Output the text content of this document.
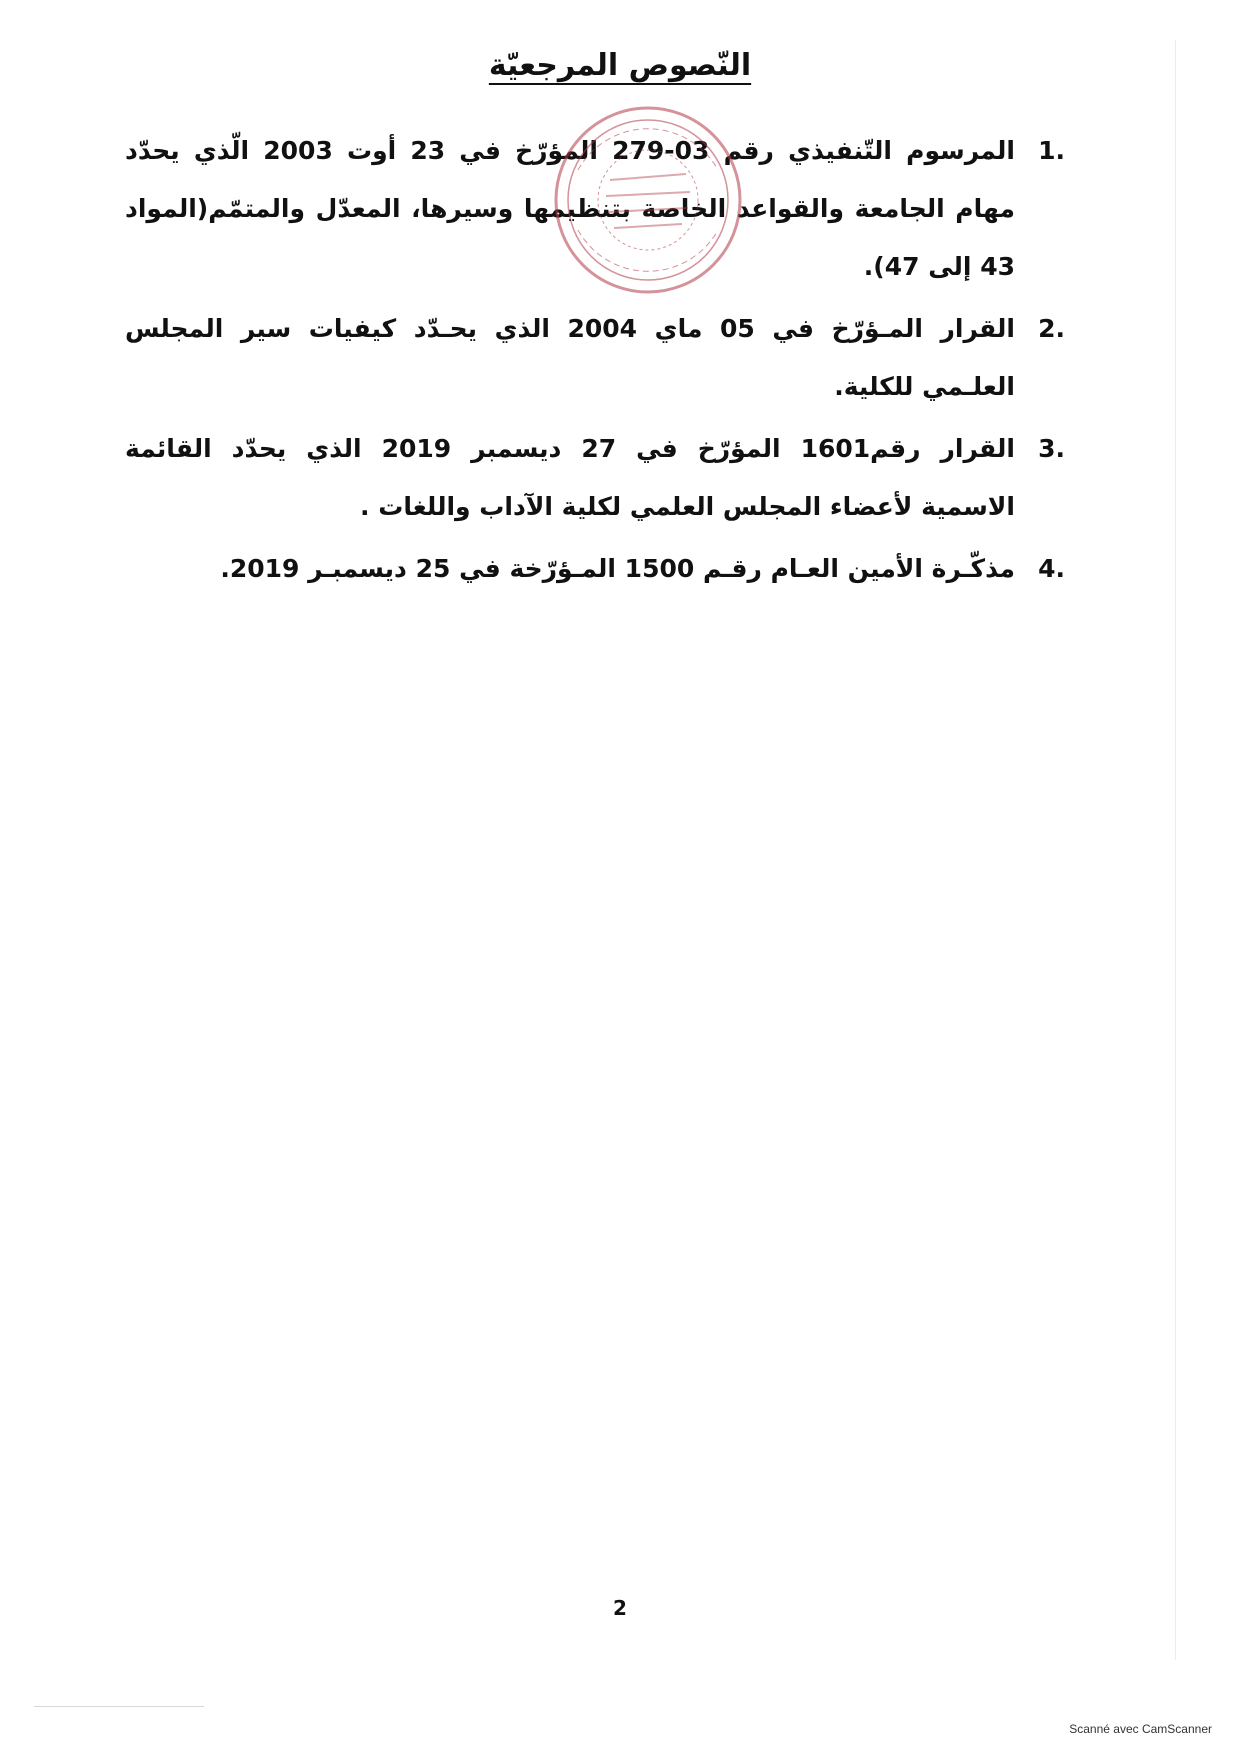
النّصوص المرجعيّة
1.
المرسوم التّنفيذي رقم 03-279 المؤرّخ في 23 أوت 2003 الّذي يحدّد مهام الجامعة والقواعد الخاصة بتنظيمها وسيرها، المعدّل والمتمّم(المواد 43 إلى 47).
2.
القرار المـؤرّخ في 05 ماي 2004 الذي يحـدّد كيفيات سير المجلس العلـمي للكلية.
3.
القرار رقم1601 المؤرّخ في 27 ديسمبر 2019 الذي يحدّد القائمة الاسمية لأعضاء المجلس العلمي لكلية الآداب واللغات .
4.
مذكّـرة الأمين العـام رقـم 1500 المـؤرّخة في 25 ديسمبـر 2019.
2
Scanné avec CamScanner
